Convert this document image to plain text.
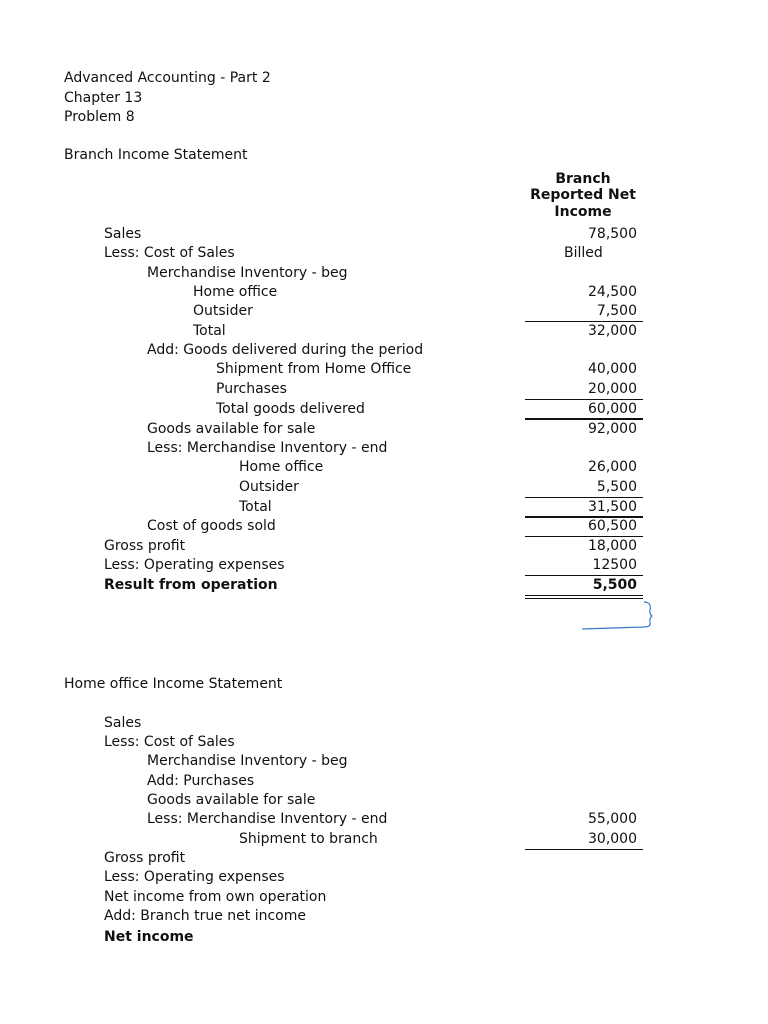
Advanced Accounting - Part 2
Chapter 13
Problem 8
Branch Income Statement
Branch
Reported Net
Income
Sales	78,500
Less: Cost of Sales	Billed
Merchandise Inventory - beg
Home office	24,500
Outsider	7,500
Total	32,000
Add: Goods delivered during the period
Shipment from Home Office	40,000
Purchases	20,000
Total goods delivered	60,000
Goods available for sale	92,000
Less: Merchandise Inventory - end
Home office	26,000
Outsider	5,500
Total	31,500
Cost of goods sold	60,500
Gross profit	18,000
Less: Operating expenses	12500
Result from operation	5,500
Home office Income Statement
Sales
Less: Cost of Sales
Merchandise Inventory - beg
Add: Purchases
Goods available for sale
Less: Merchandise Inventory - end	55,000
Shipment to branch	30,000
Gross profit
Less: Operating expenses
Net income from own operation
Add: Branch true net income
Net income
